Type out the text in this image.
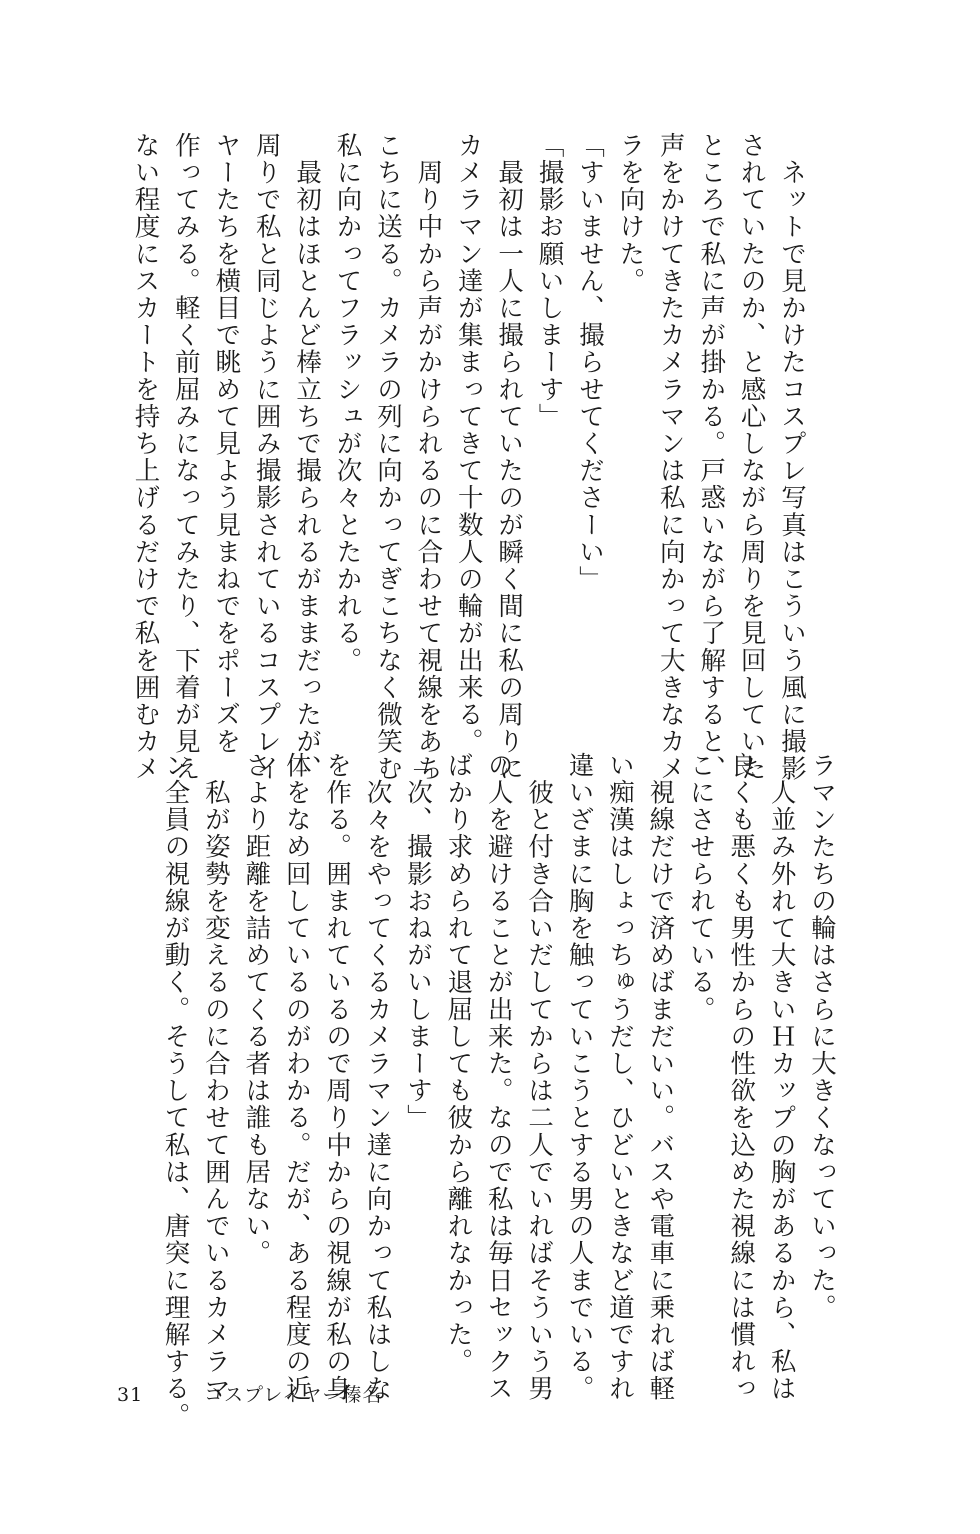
　ネットで見かけたコスプレ写真はこういう風に撮影
されていたのか、と感心しながら周りを見回していた
ところで私に声が掛かる。戸惑いながら了解すると、
声をかけてきたカメラマンは私に向かって大きなカメ
ラを向けた。
「すいません、撮らせてくださーい」
「撮影お願いしまーす」
　最初は一人に撮られていたのが瞬く間に私の周りに
カメラマン達が集まってきて十数人の輪が出来る。
　周り中から声がかけられるのに合わせて視線をあち
こちに送る。カメラの列に向かってぎこちなく微笑む
私に向かってフラッシュが次々とたかれる。
　最初はほとんど棒立ちで撮られるがままだったが、
周りで私と同じように囲み撮影されているコスプレイ
ヤーたちを横目で眺めて見よう見まねでをポーズを
作ってみる。軽く前屈みになってみたり、下着が見え
ない程度にスカートを持ち上げるだけで私を囲むカメ
ラマンたちの輪はさらに大きくなっていった。
　人並み外れて大きいＨカップの胸があるから、私は
良くも悪くも男性からの性欲を込めた視線には慣れっ
こにさせられている。
　視線だけで済めばまだいい。バスや電車に乗れば軽
い痴漢はしょっちゅうだし、ひどいときなど道ですれ
違いざまに胸を触っていこうとする男の人までいる。
　彼と付き合いだしてからは二人でいればそういう男
の人を避けることが出来た。なので私は毎日セックス
ばかり求められて退屈しても彼から離れなかった。
「次、撮影おねがいしまーす」
　次々をやってくるカメラマン達に向かって私はしな
を作る。囲まれているので周り中からの視線が私の身
体をなめ回しているのがわかる。だが、ある程度の近
さより距離を詰めてくる者は誰も居ない。
　私が姿勢を変えるのに合わせて囲んでいるカメラマ
ン全員の視線が動く。そうして私は、唐突に理解する。
31	コスプレイヤー榛名
